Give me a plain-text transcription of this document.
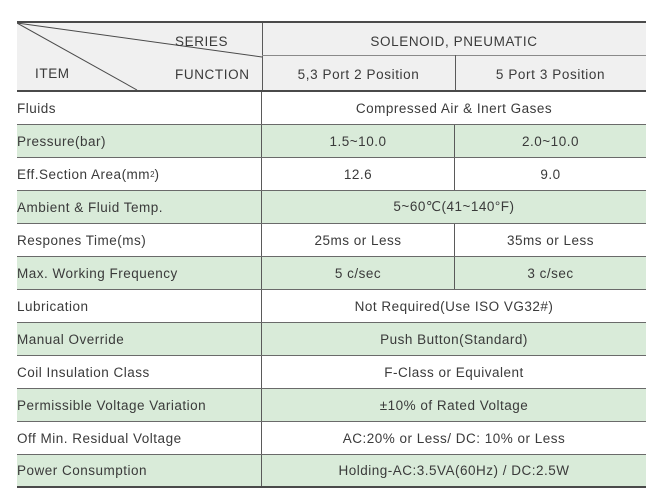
SERIES	SOLENOID, PNEUMATIC
ITEM	FUNCTION	5,3 Port 2 Position	5 Port 3 Position
Fluids	Compressed Air & Inert Gases
Pressure(bar)	1.5~10.0	2.0~10.0
Eff.Section Area(mm 2 )	12.6	9.0
Ambient & Fluid Temp.	5~60℃(41~140°F)
Respones Time(ms)	25ms or Less	35ms or Less
Max. Working Frequency	5 c/sec	3 c/sec
Lubrication	Not Required(Use ISO VG32#)
Manual Override	Push Button(Standard)
Coil Insulation Class	F-Class or Equivalent
Permissible Voltage Variation	±10% of Rated Voltage
Off Min. Residual Voltage	AC:20% or Less/ DC: 10% or Less
Power Consumption	Holding-AC:3.5VA(60Hz) / DC:2.5W
